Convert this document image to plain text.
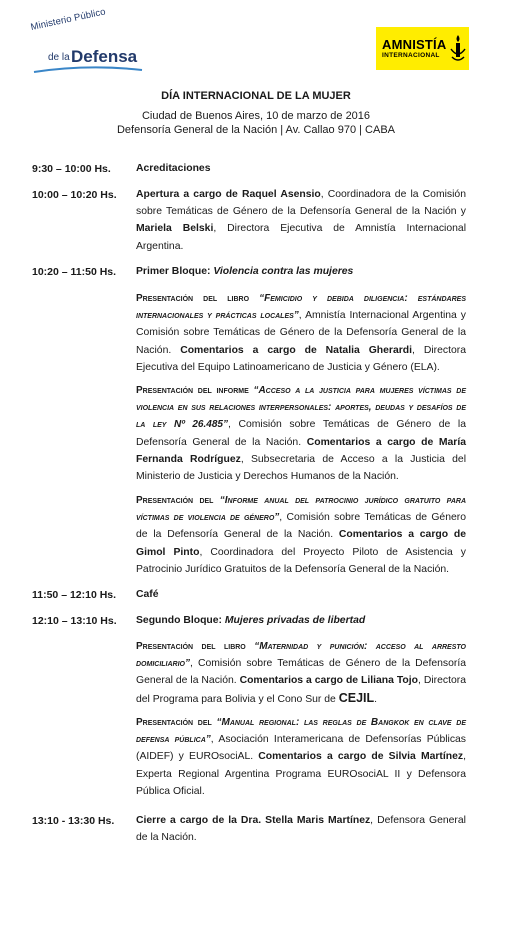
Ministerio Público
de la Defensa
AMNISTÍA
INTERNACIONAL
DÍA INTERNACIONAL DE LA MUJER
Ciudad de Buenos Aires, 10 de marzo de 2016
Defensoría General de la Nación | Av. Callao 970 | CABA
9:30 – 10:00 Hs. Acreditaciones
10:00 – 10:20 Hs. Apertura a cargo de Raquel Asensio, Coordinadora de la Comisión sobre Temáticas de Género de la Defensoría General de la Nación y Mariela Belski, Directora Ejecutiva de Amnistía Internacional Argentina.
10:20 – 11:50 Hs. Primer Bloque: Violencia contra las mujeres
Presentación del libro “Femicidio y debida diligencia: estándares internacionales y prácticas locales”, Amnistía Internacional Argentina y Comisión sobre Temáticas de Género de la Defensoría General de la Nación. Comentarios a cargo de Natalia Gherardi, Directora Ejecutiva del Equipo Latinoamericano de Justicia y Género (ELA).
Presentación del informe “Acceso a la justicia para mujeres víctimas de violencia en sus relaciones interpersonales: aportes, deudas y desafíos de la ley Nº 26.485”, Comisión sobre Temáticas de Género de la Defensoría General de la Nación. Comentarios a cargo de María Fernanda Rodríguez, Subsecretaria de Acceso a la Justicia del Ministerio de Justicia y Derechos Humanos de la Nación.
Presentación del “Informe anual del patrocinio jurídico gratuito para víctimas de violencia de género”, Comisión sobre Temáticas de Género de la Defensoría General de la Nación. Comentarios a cargo de Gimol Pinto, Coordinadora del Proyecto Piloto de Asistencia y Patrocinio Jurídico Gratuitos de la Defensoría General de la Nación.
11:50 – 12:10 Hs. Café
12:10 – 13:10 Hs. Segundo Bloque: Mujeres privadas de libertad
Presentación del libro “Maternidad y punición: acceso al arresto domiciliario”, Comisión sobre Temáticas de Género de la Defensoría General de la Nación. Comentarios a cargo de Liliana Tojo, Directora del Programa para Bolivia y el Cono Sur de CEJIL.
Presentación del “Manual regional: las reglas de Bangkok en clave de defensa pública”, Asociación Interamericana de Defensorías Públicas (AIDEF) y EUROsociAL. Comentarios a cargo de Silvia Martínez, Experta Regional Argentina Programa EUROsociAL II y Defensora Pública Oficial.
13:10 - 13:30 Hs. Cierre a cargo de la Dra. Stella Maris Martínez, Defensora General de la Nación.
